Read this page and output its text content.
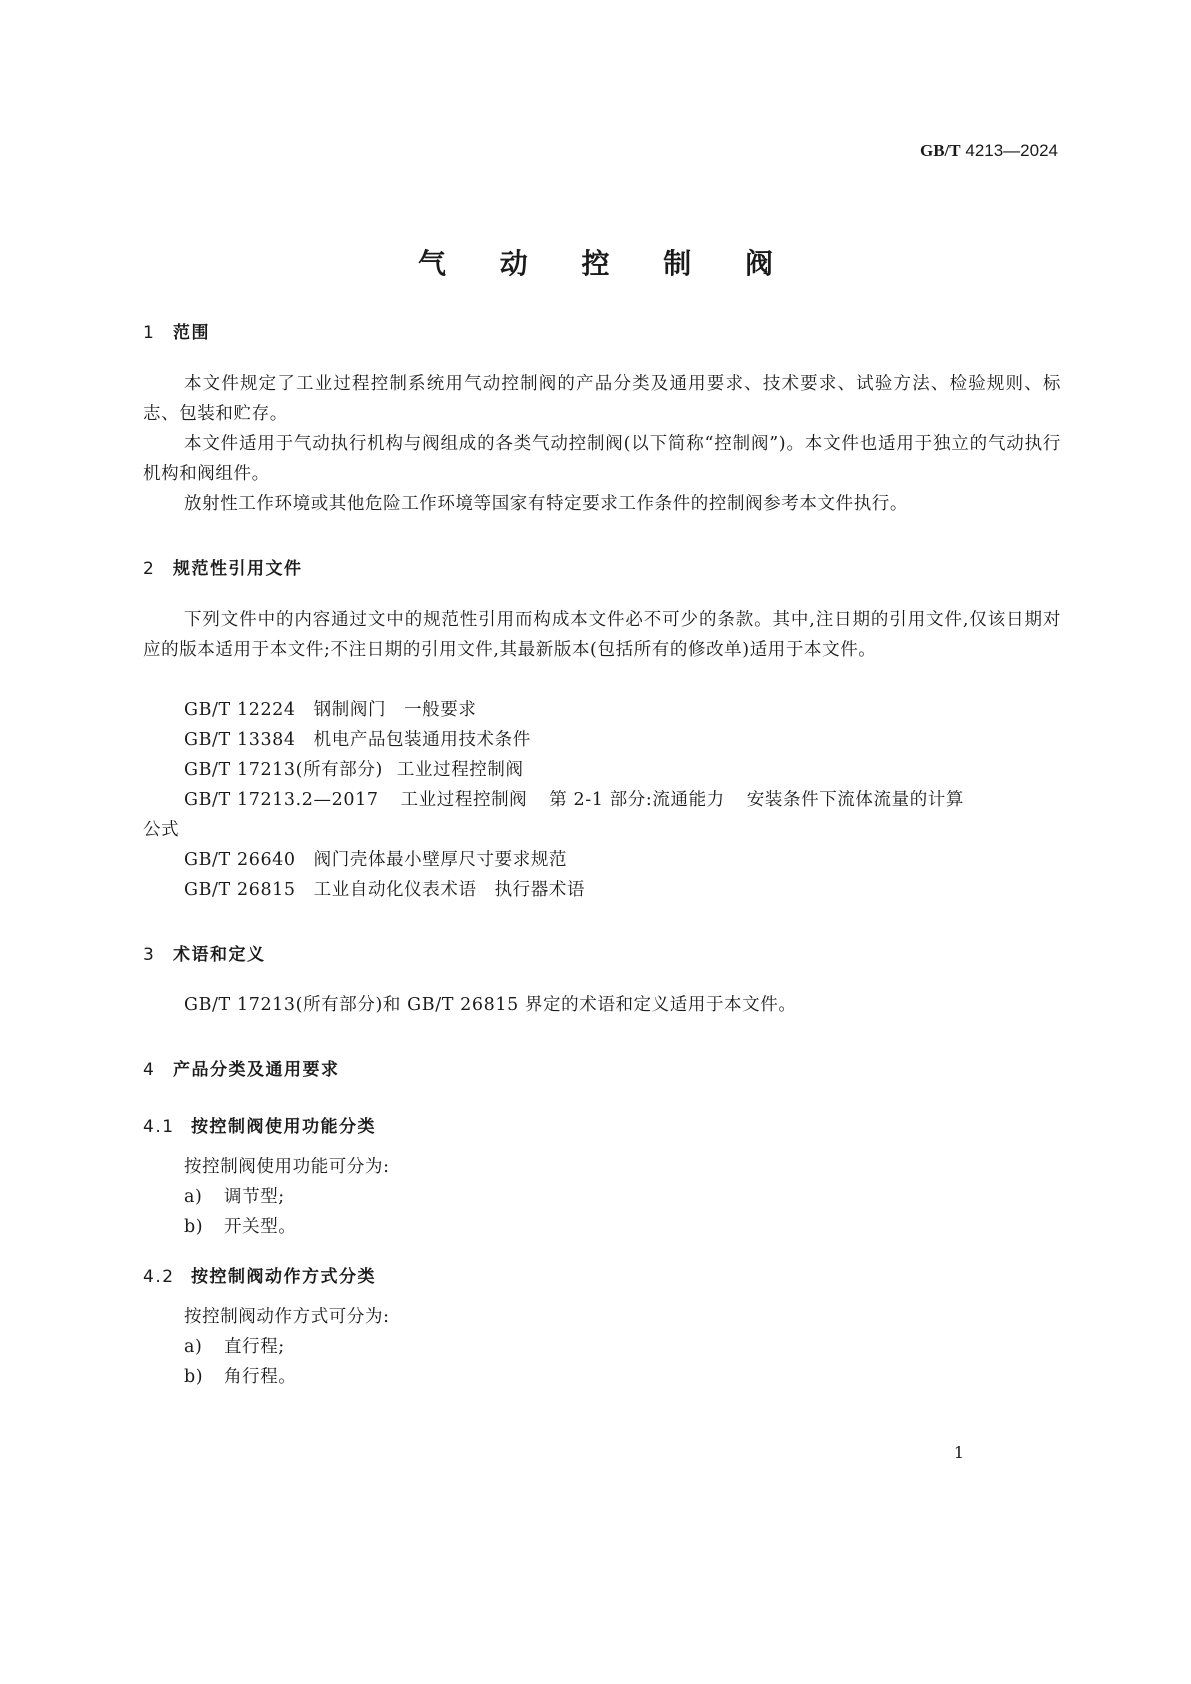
GB/T 4213—2024
气 动 控 制 阀
1 范围
本文件规定了工业过程控制系统用气动控制阀的产品分类及通用要求、技术要求、试验方法、检验规则、标志、包装和贮存。
本文件适用于气动执行机构与阀组成的各类气动控制阀(以下简称“控制阀”)。本文件也适用于独立的气动执行机构和阀组件。
放射性工作环境或其他危险工作环境等国家有特定要求工作条件的控制阀参考本文件执行。
2 规范性引用文件
下列文件中的内容通过文中的规范性引用而构成本文件必不可少的条款。其中,注日期的引用文件,仅该日期对应的版本适用于本文件;不注日期的引用文件,其最新版本(包括所有的修改单)适用于本文件。
GB/T 12224 钢制阀门 一般要求
GB/T 13384 机电产品包装通用技术条件
GB/T 17213(所有部分) 工业过程控制阀
GB/T 17213.2—2017 工业过程控制阀 第 2-1 部分:流通能力 安装条件下流体流量的计算
公式
GB/T 26640 阀门壳体最小壁厚尺寸要求规范
GB/T 26815 工业自动化仪表术语 执行器术语
3 术语和定义
GB/T 17213(所有部分)和 GB/T 26815 界定的术语和定义适用于本文件。
4 产品分类及通用要求
4.1 按控制阀使用功能分类
按控制阀使用功能可分为:
a) 调节型;
b) 开关型。
4.2 按控制阀动作方式分类
按控制阀动作方式可分为:
a) 直行程;
b) 角行程。
1
